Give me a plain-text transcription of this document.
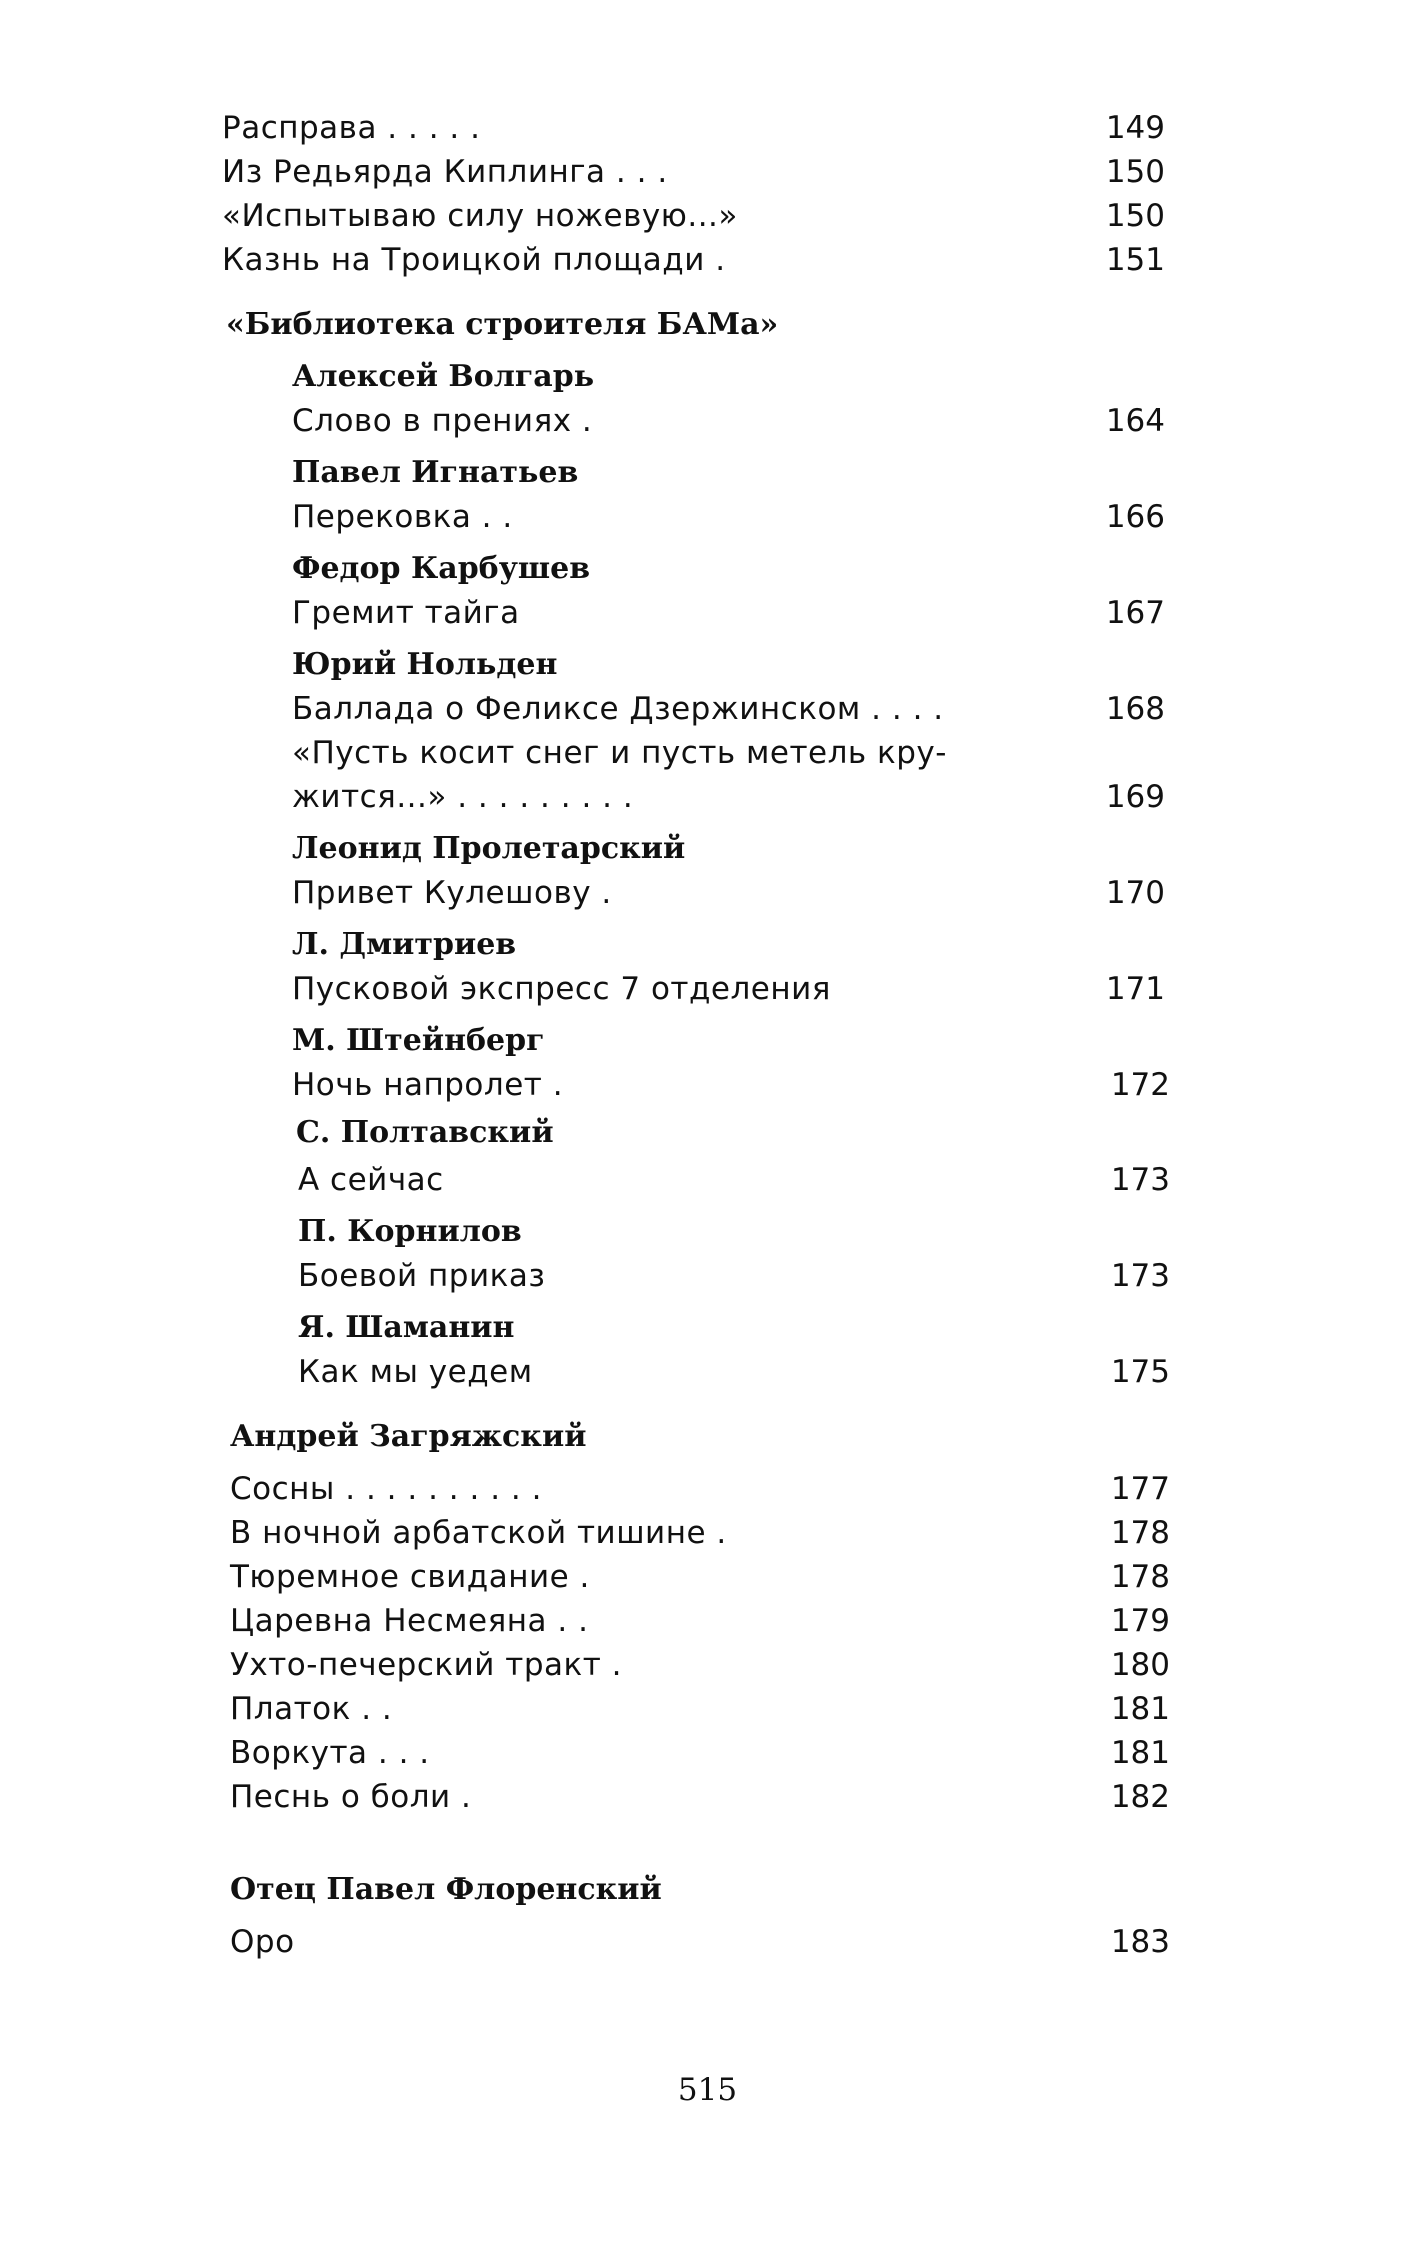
Расправа . . . . .	149
Из Редьярда Киплинга . . .	150
«Испытываю силу ножевую...»	150
Казнь на Троицкой площади .	151
«Библиотека строителя БАМа»
Алексей Волгарь
Слово в прениях .	164
Павел Игнатьев
Перековка . .	166
Федор Карбушев
Гремит тайга	167
Юрий Нольден
Баллада о Феликсе Дзержинском . . . .	168
«Пусть косит снег и пусть метель кру-
жится...» . . . . . . . . .	169
Леонид Пролетарский
Привет Кулешову .	170
Л. Дмитриев
Пусковой экспресс 7 отделения	171
М. Штейнберг
Ночь напролет .	172
С. Полтавский
А сейчас	173
П. Корнилов
Боевой приказ	173
Я. Шаманин
Как мы уедем	175
Андрей Загряжский
Сосны . . . . . . . . . .	177
В ночной арбатской тишине .	178
Тюремное свидание .	178
Царевна Несмеяна . .	179
Ухто-печерский тракт .	180
Платок . .	181
Воркута . . .	181
Песнь о боли .	182
Отец Павел Флоренский
Оро	183
515
